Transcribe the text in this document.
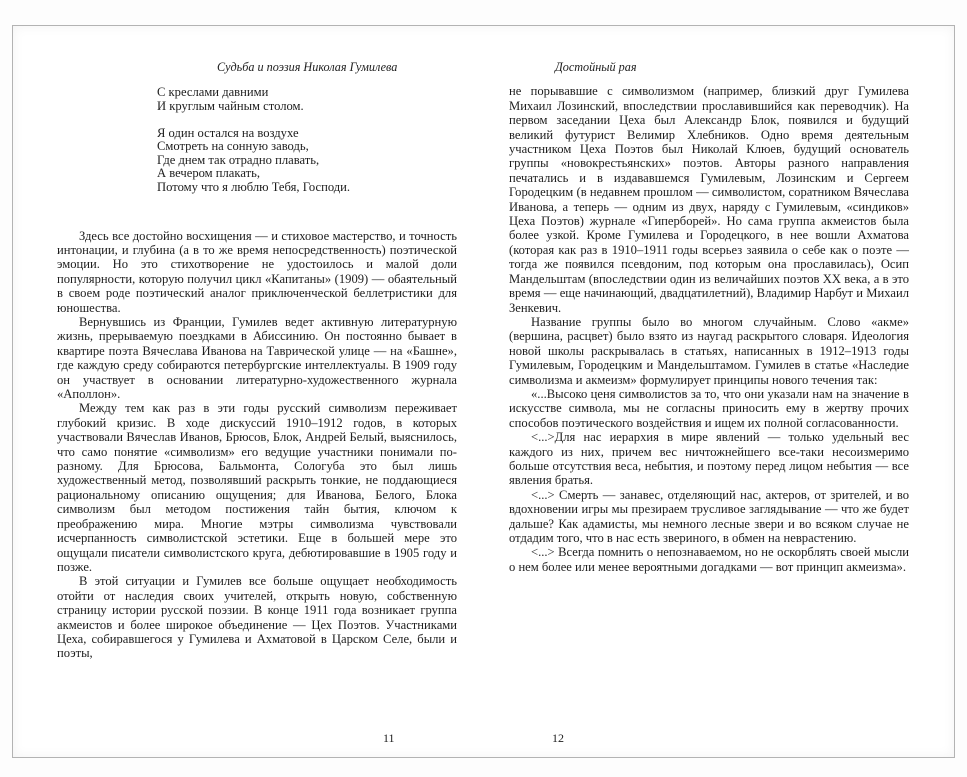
Судьба и поэзия Николая Гумилева
С креслами давними
И круглым чайным столом.
Я один остался на воздухе
Смотреть на сонную заводь,
Где днем так отрадно плавать,
А вечером плакать,
Потому что я люблю Тебя, Господи.

Здесь все достойно восхищения — и стиховое мастерство, и точность интонации, и глубина (а в то же время непосредственность) поэтической эмоции. Но это стихотворение не удостоилось и малой доли популярности, которую получил цикл «Капитаны» (1909) — обаятельный в своем роде поэтический аналог приключенческой беллетристики для юношества.

Вернувшись из Франции, Гумилев ведет активную литературную жизнь, прерываемую поездками в Абиссинию. Он постоянно бывает в квартире поэта Вячеслава Иванова на Таврической улице — на «Башне», где каждую среду собираются петербургские интеллектуалы. В 1909 году он участвует в основании литературно-художественного журнала «Аполлон».

Между тем как раз в эти годы русский символизм переживает глубокий кризис. В ходе дискуссий 1910–1912 годов, в которых участвовали Вячеслав Иванов, Брюсов, Блок, Андрей Белый, выяснилось, что само понятие «символизм» его ведущие участники понимали по-разному. Для Брюсова, Бальмонта, Сологуба это был лишь художественный метод, позволявший раскрыть тонкие, не поддающиеся рациональному описанию ощущения; для Иванова, Белого, Блока символизм был методом постижения тайн бытия, ключом к преображению мира. Многие мэтры символизма чувствовали исчерпанность символистской эстетики. Еще в большей мере это ощущали писатели символистского круга, дебютировавшие в 1905 году и позже.

В этой ситуации и Гумилев все больше ощущает необходимость отойти от наследия своих учителей, открыть новую, собственную страницу истории русской поэзии. В конце 1911 года возникает группа акмеистов и более широкое объединение — Цех Поэтов. Участниками Цеха, собиравшегося у Гумилева и Ахматовой в Царском Селе, были и поэты,

Достойный рая

не порывавшие с символизмом (например, близкий друг Гумилева Михаил Лозинский, впоследствии прославившийся как переводчик). На первом заседании Цеха был Александр Блок, появился и будущий великий футурист Велимир Хлебников. Одно время деятельным участником Цеха Поэтов был Николай Клюев, будущий основатель группы «новокрестьянских» поэтов. Авторы разного направления печатались и в издававшемся Гумилевым, Лозинским и Сергеем Городецким (в недавнем прошлом — символистом, соратником Вячеслава Иванова, а теперь — одним из двух, наряду с Гумилевым, «синдиков» Цеха Поэтов) журнале «Гиперборей». Но сама группа акмеистов была более узкой. Кроме Гумилева и Городецкого, в нее вошли Ахматова (которая как раз в 1910–1911 годы всерьез заявила о себе как о поэте — тогда же появился псевдоним, под которым она прославилась), Осип Мандельштам (впоследствии один из величайших поэтов XX века, а в это время — еще начинающий, двадцатилетний), Владимир Нарбут и Михаил Зенкевич.

Название группы было во многом случайным. Слово «акме» (вершина, расцвет) было взято из наугад раскрытого словаря. Идеология новой школы раскрывалась в статьях, написанных в 1912–1913 годы Гумилевым, Городецким и Мандельштамом. Гумилев в статье «Наследие символизма и акмеизм» формулирует принципы нового течения так:

«...Высоко ценя символистов за то, что они указали нам на значение в искусстве символа, мы не согласны приносить ему в жертву прочих способов поэтического воздействия и ищем их полной согласованности.

<...>Для нас иерархия в мире явлений — только удельный вес каждого из них, причем вес ничтожнейшего все-таки несоизмеримо больше отсутствия веса, небытия, и поэтому перед лицом небытия — все явления братья.

<...> Смерть — занавес, отделяющий нас, актеров, от зрителей, и во вдохновении игры мы презираем трусливое заглядывание — что же будет дальше? Как адамисты, мы немного лесные звери и во всяком случае не отдадим того, что в нас есть звериного, в обмен на неврастению.

<...> Всегда помнить о непознаваемом, но не оскорблять своей мысли о нем более или менее вероятными догадками — вот принцип акмеизма».

11	12
